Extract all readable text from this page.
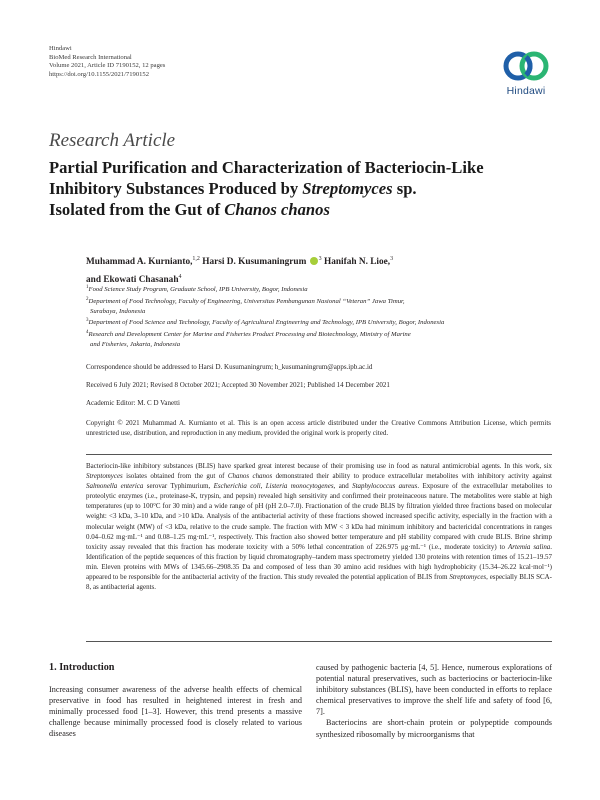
Hindawi
BioMed Research International
Volume 2021, Article ID 7190152, 12 pages
https://doi.org/10.1155/2021/7190152
Hindawi
Research Article
Partial Purification and Characterization of Bacteriocin-Like
Inhibitory Substances Produced by Streptomyces sp.
Isolated from the Gut of Chanos chanos
Muhammad A. Kurnianto,$^{1,2}$ Harsi D. Kusumaningrum $^3$ Hanifah N. Lioe,$^3$
and Ekowati Chasanah$^4$
$^1$Food Science Study Program, Graduate School, IPB University, Bogor, Indonesia
$^2$Department of Food Technology, Faculty of Engineering, Universitas Pembangunan Nasional “Veteran” Jawa Timur,
Surabaya, Indonesia
$^3$Department of Food Science and Technology, Faculty of Agricultural Engineering and Technology, IPB University, Bogor, Indonesia
$^4$Research and Development Center for Marine and Fisheries Product Processing and Biotechnology, Ministry of Marine
and Fisheries, Jakarta, Indonesia
Correspondence should be addressed to Harsi D. Kusumaningrum; h_kusumaningrum@apps.ipb.ac.id
Received 6 July 2021; Revised 8 October 2021; Accepted 30 November 2021; Published 14 December 2021
Academic Editor: M. C D Vanetti
Copyright © 2021 Muhammad A. Kurnianto et al. This is an open access article distributed under the Creative Commons Attribution License, which permits unrestricted use, distribution, and reproduction in any medium, provided the original work is properly cited.
Bacteriocin-like inhibitory substances (BLIS) have sparked great interest because of their promising use in food as natural antimicrobial agents. In this work, six Streptomyces isolates obtained from the gut of Chanos chanos demonstrated their ability to produce extracellular metabolites with inhibitory activity against Salmonella enterica serovar Typhimurium, Escherichia coli, Listeria monocytogenes, and Staphylococcus aureus. Exposure of the extracellular metabolites to proteolytic enzymes (i.e., proteinase-K, trypsin, and pepsin) revealed high sensitivity and confirmed their proteinaceous nature. The metabolites were stable at high temperatures (up to 100°C for 30 min) and a wide range of pH (pH 2.0–7.0). Fractionation of the crude BLIS by filtration yielded three fractions based on molecular weight: <3 kDa, 3–10 kDa, and >10 kDa. Analysis of the antibacterial activity of these fractions showed increased specific activity, especially in the fraction with a molecular weight (MW) of <3 kDa, relative to the crude sample. The fraction with MW < 3 kDa had minimum inhibitory and bactericidal concentrations in ranges 0.04–0.62 mg·mL⁻¹ and 0.08–1.25 mg·mL⁻¹, respectively. This fraction also showed better temperature and pH stability compared with crude BLIS. Brine shrimp toxicity assay revealed that this fraction has moderate toxicity with a 50% lethal concentration of 226.975 μg·mL⁻¹ (i.e., moderate toxicity) to Artemia salina. Identification of the peptide sequences of this fraction by liquid chromatography–tandem mass spectrometry yielded 130 proteins with retention times of 15.21–19.57 min. Eleven proteins with MWs of 1345.66–2908.35 Da and composed of less than 30 amino acid residues with high hydrophobicity (15.34–26.22 kcal·mol⁻¹) appeared to be responsible for the antibacterial activity of the fraction. This study revealed the potential application of BLIS from Streptomyces, especially BLIS SCA-8, as antibacterial agents.
1. Introduction
Increasing consumer awareness of the adverse health effects of chemical preservative in food has resulted in heightened interest in fresh and minimally processed food [1–3]. However, this trend presents a massive challenge because minimally processed food is closely related to various diseases

caused by pathogenic bacteria [4, 5]. Hence, numerous explorations of potential natural preservatives, such as bacteriocins or bacteriocin-like inhibitory substances (BLIS), have been conducted in efforts to replace chemical preservatives to improve the shelf life and safety of food [6, 7].

Bacteriocins are short-chain protein or polypeptide compounds synthesized ribosomally by microorganisms that
